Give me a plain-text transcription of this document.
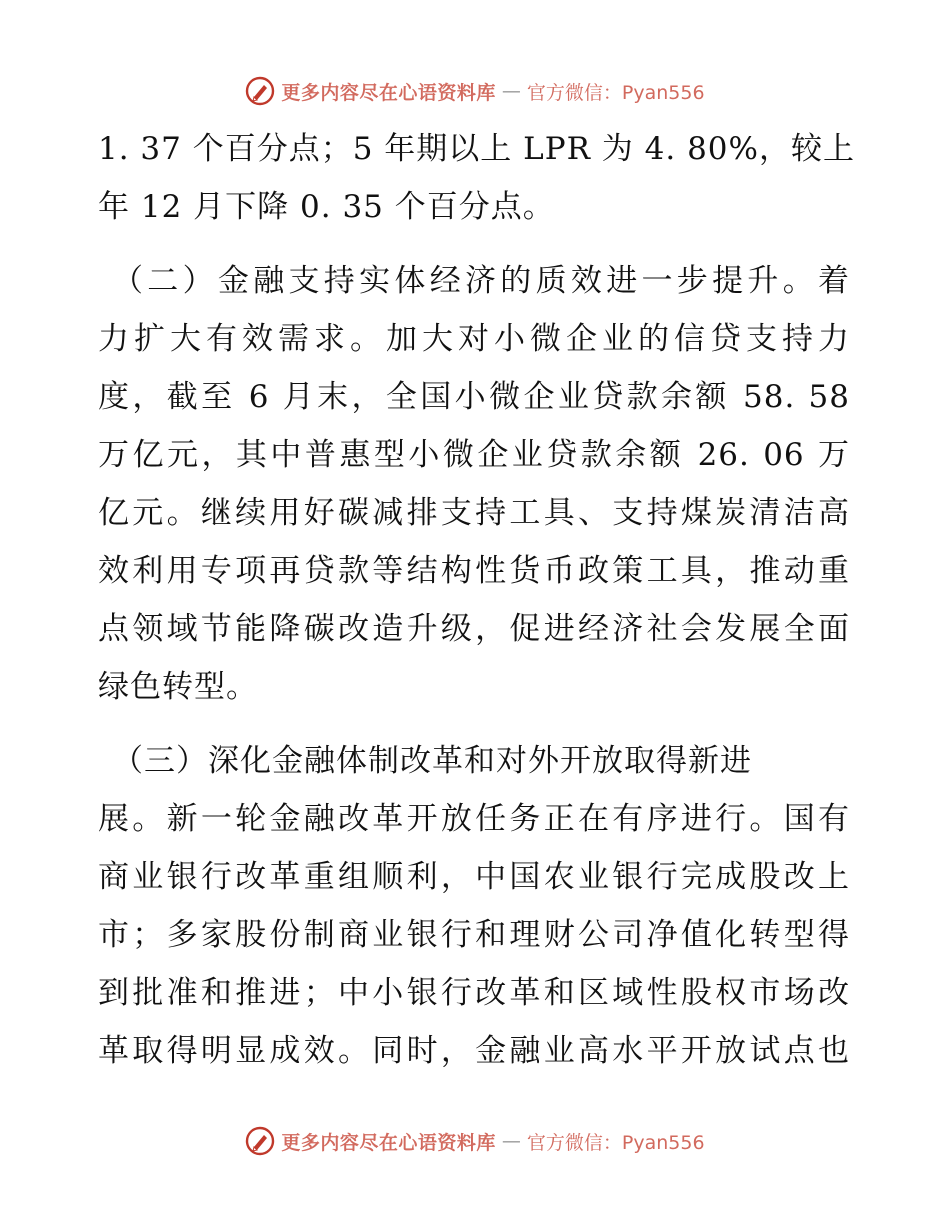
更多内容尽在心语资料库 — 官方微信：Pyan556
1. 37 个百分点；5 年期以上 LPR 为 4. 80%，较上
年 12 月下降 0. 35 个百分点。
（二）金融支持实体经济的质效进一步提升。着
力扩大有效需求。加大对小微企业的信贷支持力
度，截至 6 月末，全国小微企业贷款余额 58. 58
万亿元，其中普惠型小微企业贷款余额 26. 06 万
亿元。继续用好碳减排支持工具、支持煤炭清洁高
效利用专项再贷款等结构性货币政策工具，推动重
点领域节能降碳改造升级，促进经济社会发展全面
绿色转型。
（三）深化金融体制改革和对外开放取得新进
展。新一轮金融改革开放任务正在有序进行。国有
商业银行改革重组顺利，中国农业银行完成股改上
市；多家股份制商业银行和理财公司净值化转型得
到批准和推进；中小银行改革和区域性股权市场改
革取得明显成效。同时，金融业高水平开放试点也
更多内容尽在心语资料库 — 官方微信：Pyan556
